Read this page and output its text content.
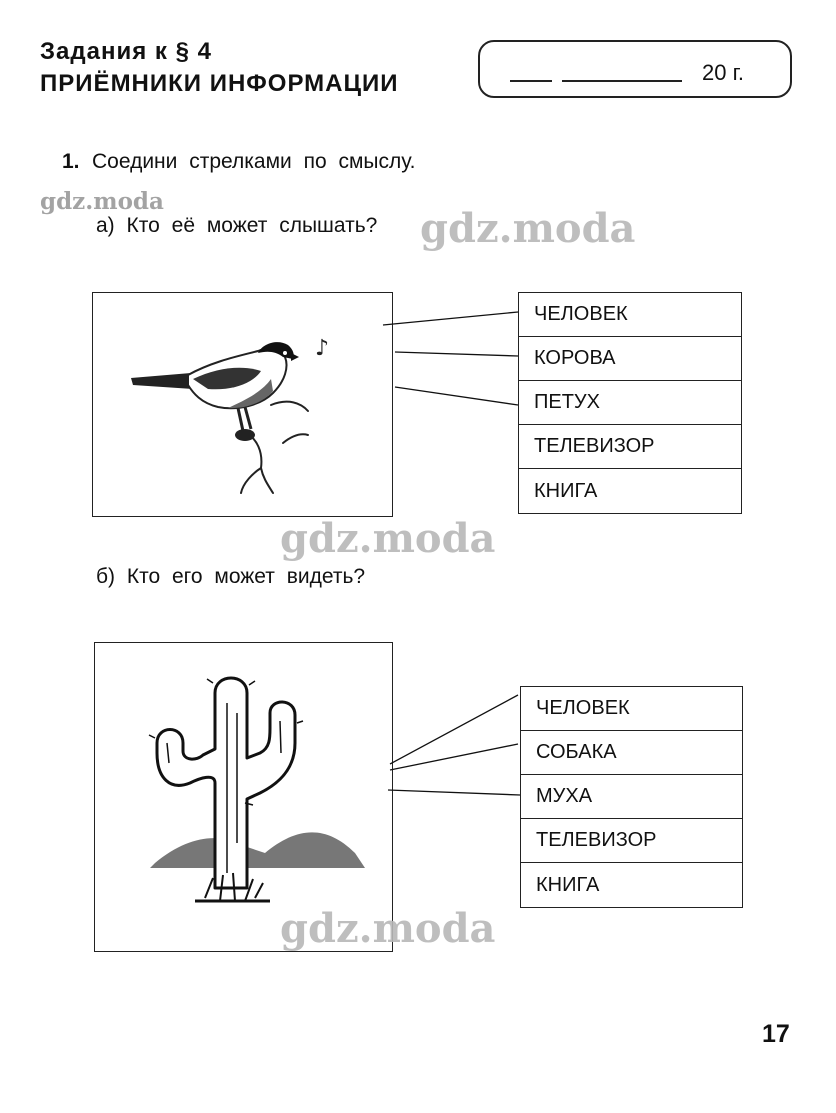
Задания к § 4
ПРИЁМНИКИ ИНФОРМАЦИИ	20 г.
1. Соедини стрелками по смыслу.
а) Кто её может слышать?
♪
ЧЕЛОВЕК
КОРОВА
ПЕТУХ
ТЕЛЕВИЗОР
КНИГА
б) Кто его может видеть?
ЧЕЛОВЕК
СОБАКА
МУХА
ТЕЛЕВИЗОР
КНИГА
gdz.moda
gdz.moda
gdz.moda
gdz.moda
17
